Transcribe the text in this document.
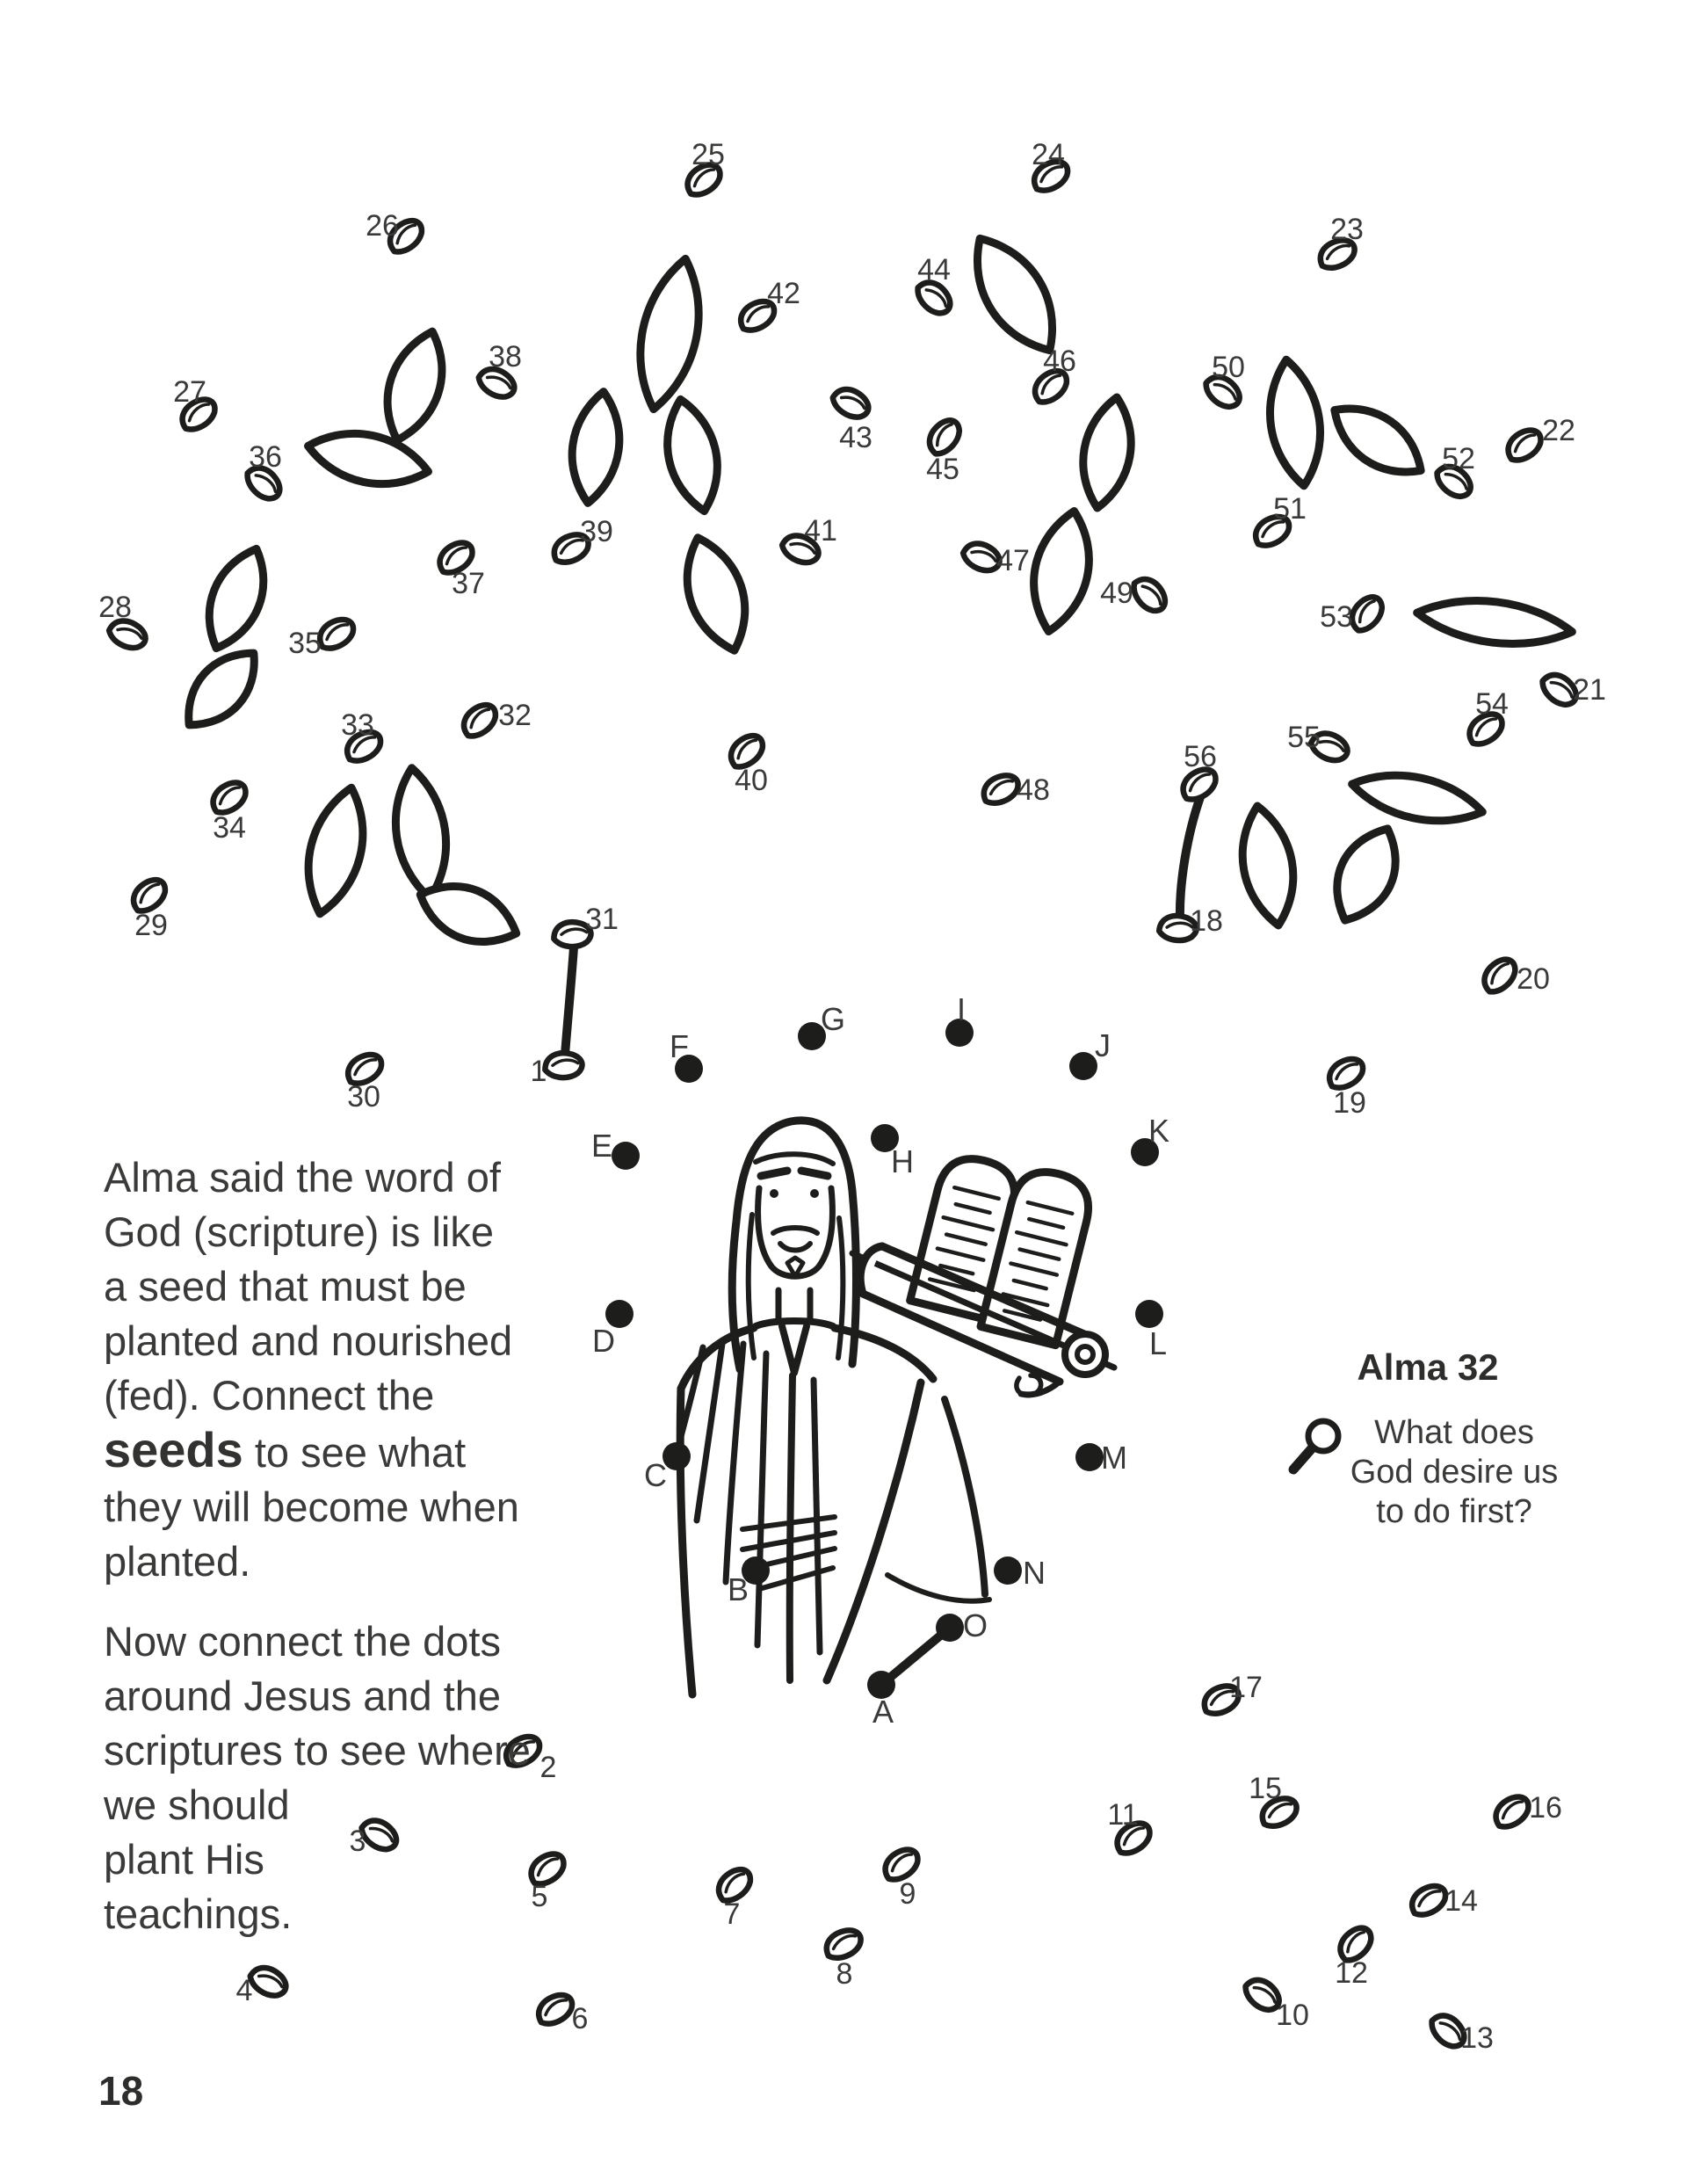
1
2
3
4
5
6
7
8
9
10
11
12
13
14
15
16
17
18
19
20
21
22
23
24
25
26
27
28
29
30
31
32
33
34
35
36
37
38
39
40
41
42
43
44
45
46
47
48
49
50
51
52
53
54
55
56
A
B
C
D
E
F
G
H
I
J
K
L
M
N
O

Alma said the word of
God (scripture) is like
a seed that must be
planted and nourished
(fed). Connect the
seeds to see what
they will become when
planted.

Now connect the dots
around Jesus and the
scriptures to see where
we should
plant His
teachings.

Alma 32
What does
God desire us
to do first?
18
